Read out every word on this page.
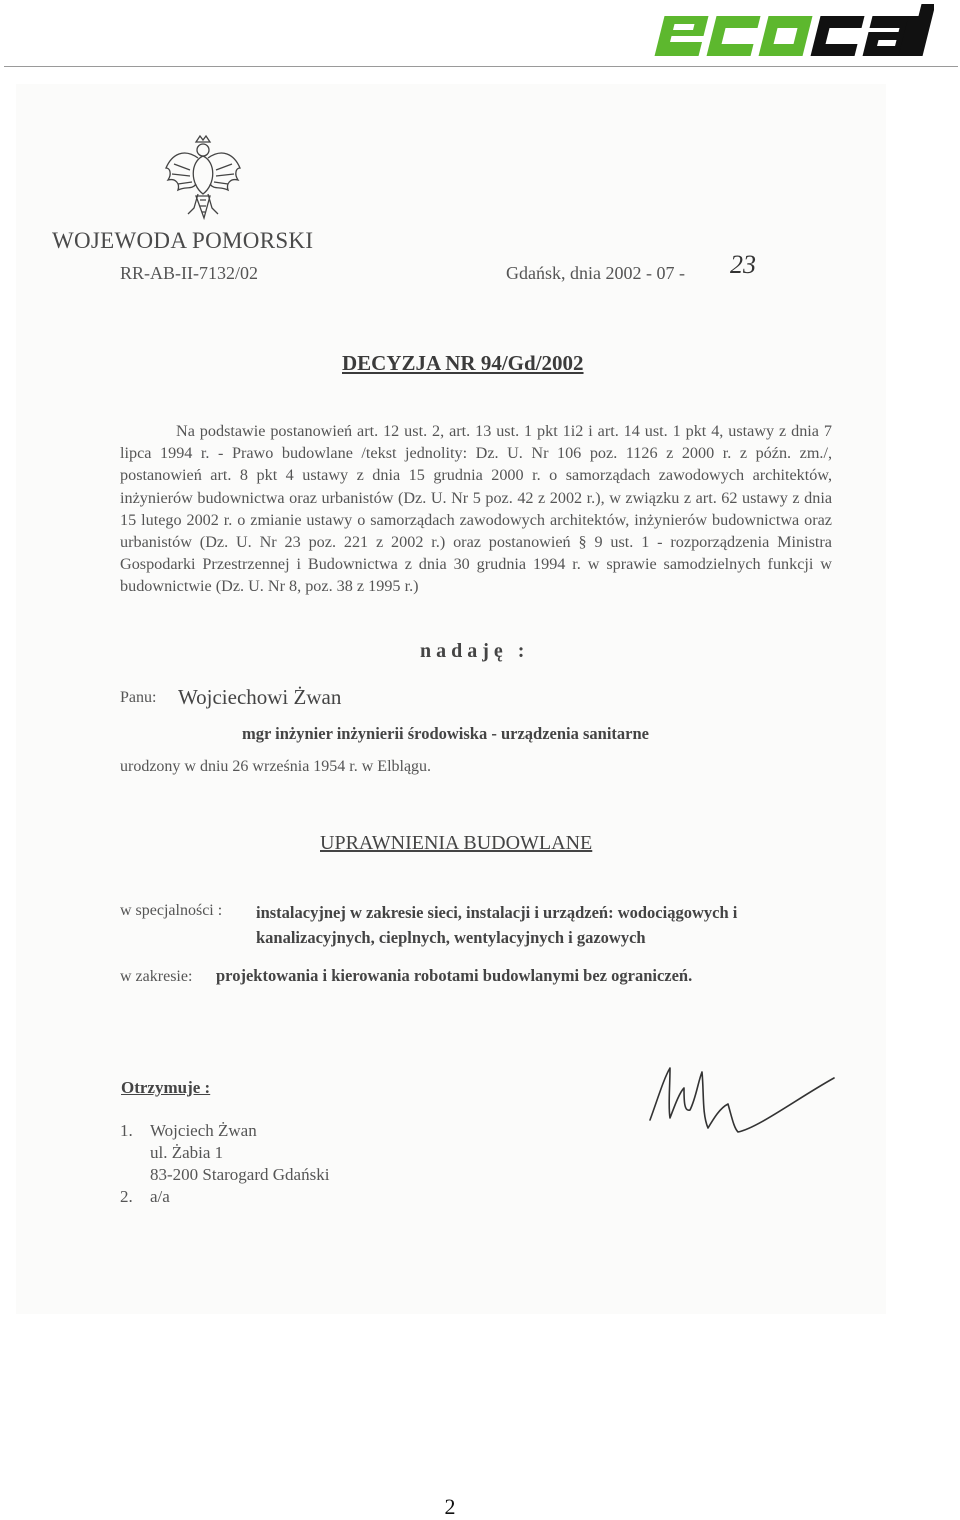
WOJEWODA POMORSKI
RR-AB-II-7132/02	Gdańsk, dnia 2002 - 07 - 23
DECYZJA NR 94/Gd/2002
Na podstawie postanowień art. 12 ust. 2, art. 13 ust. 1 pkt 1i2 i art. 14 ust. 1 pkt 4, ustawy z dnia 7 lipca 1994 r. - Prawo budowlane /tekst jednolity: Dz. U. Nr 106 poz. 1126 z 2000 r. z późn. zm./, postanowień art. 8 pkt 4 ustawy z dnia 15 grudnia 2000 r. o samorządach zawodowych architektów, inżynierów budownictwa oraz urbanistów (Dz. U. Nr 5 poz. 42 z 2002 r.), w związku z art. 62 ustawy z dnia 15 lutego 2002 r. o zmianie ustawy o samorządach zawodowych architektów, inżynierów budownictwa oraz urbanistów (Dz. U. Nr 23 poz. 221 z 2002 r.) oraz postanowień § 9 ust. 1 - rozporządzenia Ministra Gospodarki Przestrzennej i Budownictwa z dnia 30 grudnia 1994 r. w sprawie samodzielnych funkcji w budownictwie (Dz. U. Nr 8, poz. 38 z 1995 r.)
nadaję :
Panu: Wojciechowi Żwan
mgr inżynier inżynierii środowiska - urządzenia sanitarne
urodzony w dniu 26 września 1954 r. w Elblągu.
UPRAWNIENIA BUDOWLANE
w specjalności : instalacyjnej w zakresie sieci, instalacji i urządzeń: wodociągowych i kanalizacyjnych, cieplnych, wentylacyjnych i gazowych
w zakresie: projektowania i kierowania robotami budowlanymi bez ograniczeń.
Otrzymuje :
1.	Wojciech Żwan
ul. Żabia 1
83-200 Starogard Gdański
2.	a/a
2
